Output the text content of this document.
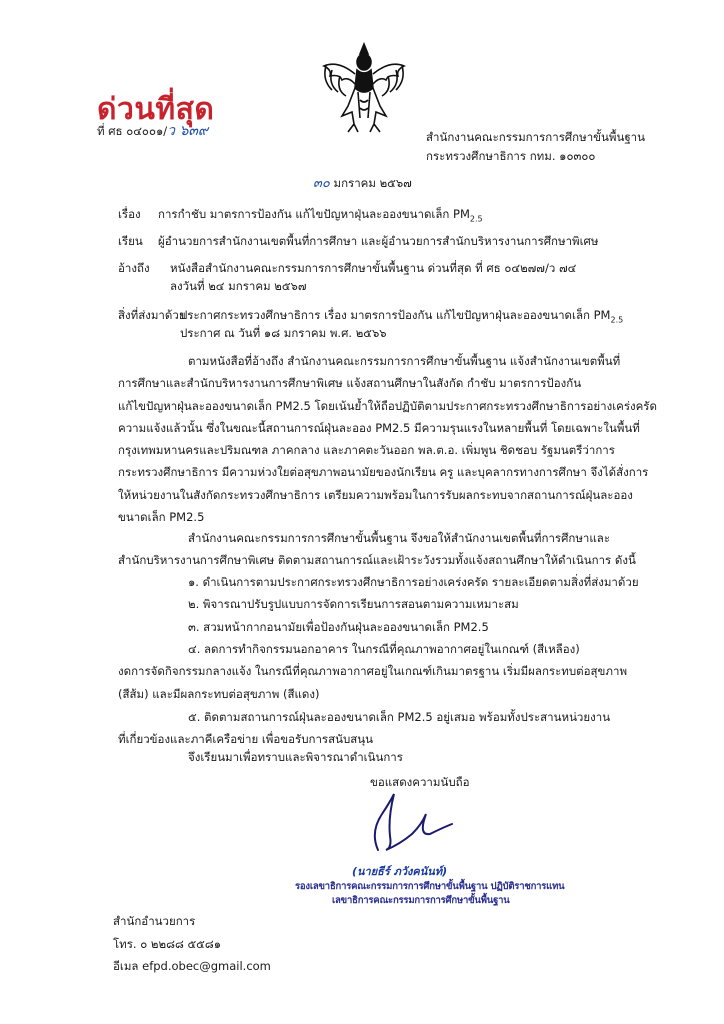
ด่วนที่สุด
ที่ ศธ ๐๔๐๐๑/ว ๖๓๙	สำนักงานคณะกรรมการการศึกษาขั้นพื้นฐาน
กระทรวงศึกษาธิการ กทม. ๑๐๓๐๐
๓๐ มกราคม ๒๕๖๗
เรื่อง การกำชับ มาตรการป้องกัน แก้ไขปัญหาฝุ่นละอองขนาดเล็ก $PM_{2.5}$
เรียน ผู้อำนวยการสำนักงานเขตพื้นที่การศึกษา และผู้อำนวยการสำนักบริหารงานการศึกษาพิเศษ
อ้างถึง หนังสือสำนักงานคณะกรรมการการศึกษาขั้นพื้นฐาน ด่วนที่สุด ที่ ศธ ๐๔๒๗๗/ว ๗๔
ลงวันที่ ๒๔ มกราคม ๒๕๖๗
สิ่งที่ส่งมาด้วยประกาศกระทรวงศึกษาธิการ เรื่อง มาตรการป้องกัน แก้ไขปัญหาฝุ่นละอองขนาดเล็ก $PM_{2.5}$
ประกาศ ณ วันที่ ๑๘ มกราคม พ.ศ. ๒๕๖๖
ตามหนังสือที่อ้างถึง สำนักงานคณะกรรมการการศึกษาขั้นพื้นฐาน แจ้งสำนักงานเขตพื้นที่
การศึกษาและสำนักบริหารงานการศึกษาพิเศษ แจ้งสถานศึกษาในสังกัด กำชับ มาตรการป้องกัน
แก้ไขปัญหาฝุ่นละอองขนาดเล็ก PM2.5 โดยเน้นย้ำให้ถือปฏิบัติตามประกาศกระทรวงศึกษาธิการอย่างเคร่งครัด
ความแจ้งแล้วนั้น ซึ่งในขณะนี้สถานการณ์ฝุ่นละออง PM2.5 มีความรุนแรงในหลายพื้นที่ โดยเฉพาะในพื้นที่
กรุงเทพมหานครและปริมณฑล ภาคกลาง และภาคตะวันออก พล.ต.อ. เพิ่มพูน ชิดชอบ รัฐมนตรีว่าการ
กระทรวงศึกษาธิการ มีความห่วงใยต่อสุขภาพอนามัยของนักเรียน ครู และบุคลากรทางการศึกษา จึงได้สั่งการ
ให้หน่วยงานในสังกัดกระทรวงศึกษาธิการ เตรียมความพร้อมในการรับผลกระทบจากสถานการณ์ฝุ่นละออง
ขนาดเล็ก PM2.5
สำนักงานคณะกรรมการการศึกษาขั้นพื้นฐาน จึงขอให้สำนักงานเขตพื้นที่การศึกษาและ
สำนักบริหารงานการศึกษาพิเศษ ติดตามสถานการณ์และเฝ้าระวังรวมทั้งแจ้งสถานศึกษาให้ดำเนินการ ดังนี้
๑. ดำเนินการตามประกาศกระทรวงศึกษาธิการอย่างเคร่งครัด รายละเอียดตามสิ่งที่ส่งมาด้วย
๒. พิจารณาปรับรูปแบบการจัดการเรียนการสอนตามความเหมาะสม
๓. สวมหน้ากากอนามัยเพื่อป้องกันฝุ่นละอองขนาดเล็ก PM2.5
๔. ลดการทำกิจกรรมนอกอาคาร ในกรณีที่คุณภาพอากาศอยู่ในเกณฑ์ (สีเหลือง)
งดการจัดกิจกรรมกลางแจ้ง ในกรณีที่คุณภาพอากาศอยู่ในเกณฑ์เกินมาตรฐาน เริ่มมีผลกระทบต่อสุขภาพ
(สีส้ม) และมีผลกระทบต่อสุขภาพ (สีแดง)
๕. ติดตามสถานการณ์ฝุ่นละอองขนาดเล็ก PM2.5 อยู่เสมอ พร้อมทั้งประสานหน่วยงาน
ที่เกี่ยวข้องและภาคีเครือข่าย เพื่อขอรับการสนับสนุน
จึงเรียนมาเพื่อทราบและพิจารณาดำเนินการ
ขอแสดงความนับถือ
(นายธีร์ ภวังคนันท์)
รองเลขาธิการคณะกรรมการการศึกษาขั้นพื้นฐาน ปฏิบัติราชการแทน
เลขาธิการคณะกรรมการการศึกษาขั้นพื้นฐาน
สำนักอำนวยการ
โทร. ๐ ๒๒๘๘ ๕๕๘๑
อีเมล efpd.obec@gmail.com
